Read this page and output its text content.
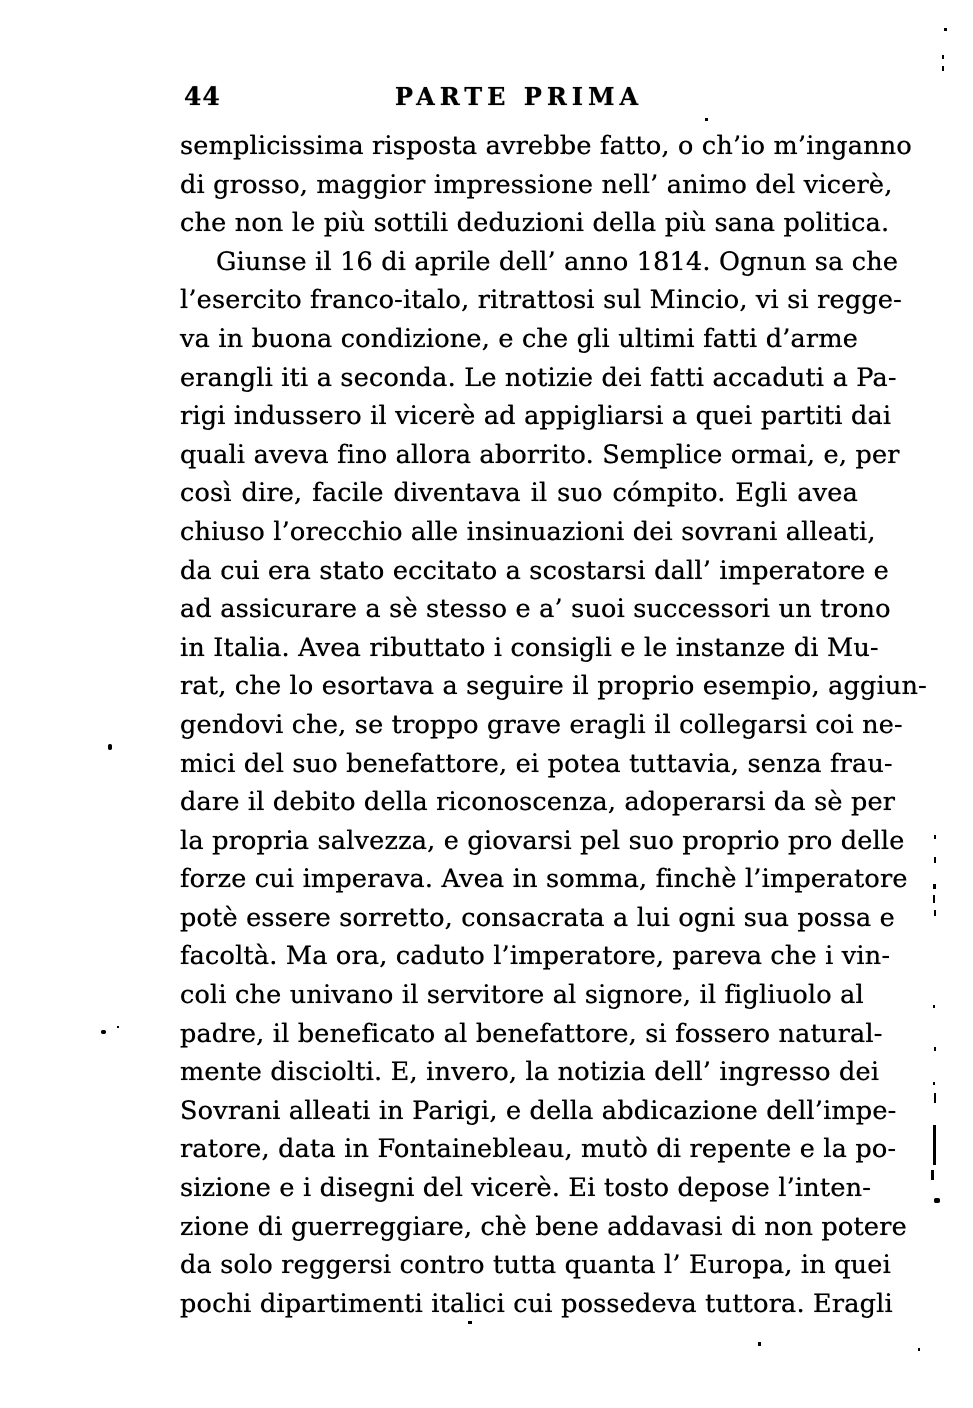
44	PARTE PRIMA
semplicissima risposta avrebbe fatto, o ch’io m’inganno
di grosso, maggior impressione nell’ animo del vicerè,
che non le più sottili deduzioni della più sana politica.
Giunse il 16 di aprile dell’ anno 1814. Ognun sa che
l’esercito franco-italo, ritrattosi sul Mincio, vi si regge-
va in buona condizione, e che gli ultimi fatti d’arme
erangli iti a seconda. Le notizie dei fatti accaduti a Pa-
rigi indussero il vicerè ad appigliarsi a quei partiti dai
quali aveva fino allora aborrito. Semplice ormai, e, per
così dire, facile diventava il suo cómpito. Egli avea
chiuso l’orecchio alle insinuazioni dei sovrani alleati,
da cui era stato eccitato a scostarsi dall’ imperatore e
ad assicurare a sè stesso e a’ suoi successori un trono
in Italia. Avea ributtato i consigli e le instanze di Mu-
rat, che lo esortava a seguire il proprio esempio, aggiun-
gendovi che, se troppo grave eragli il collegarsi coi ne-
mici del suo benefattore, ei potea tuttavia, senza frau-
dare il debito della riconoscenza, adoperarsi da sè per
la propria salvezza, e giovarsi pel suo proprio pro delle
forze cui imperava. Avea in somma, finchè l’imperatore
potè essere sorretto, consacrata a lui ogni sua possa e
facoltà. Ma ora, caduto l’imperatore, pareva che i vin-
coli che univano il servitore al signore, il figliuolo al
padre, il beneficato al benefattore, si fossero natural-
mente disciolti. E, invero, la notizia dell’ ingresso dei
Sovrani alleati in Parigi, e della abdicazione dell’impe-
ratore, data in Fontainebleau, mutò di repente e la po-
sizione e i disegni del vicerè. Ei tosto depose l’inten-
zione di guerreggiare, chè bene addavasi di non potere
da solo reggersi contro tutta quanta l’ Europa, in quei
pochi dipartimenti italici cui possedeva tuttora. Eragli
